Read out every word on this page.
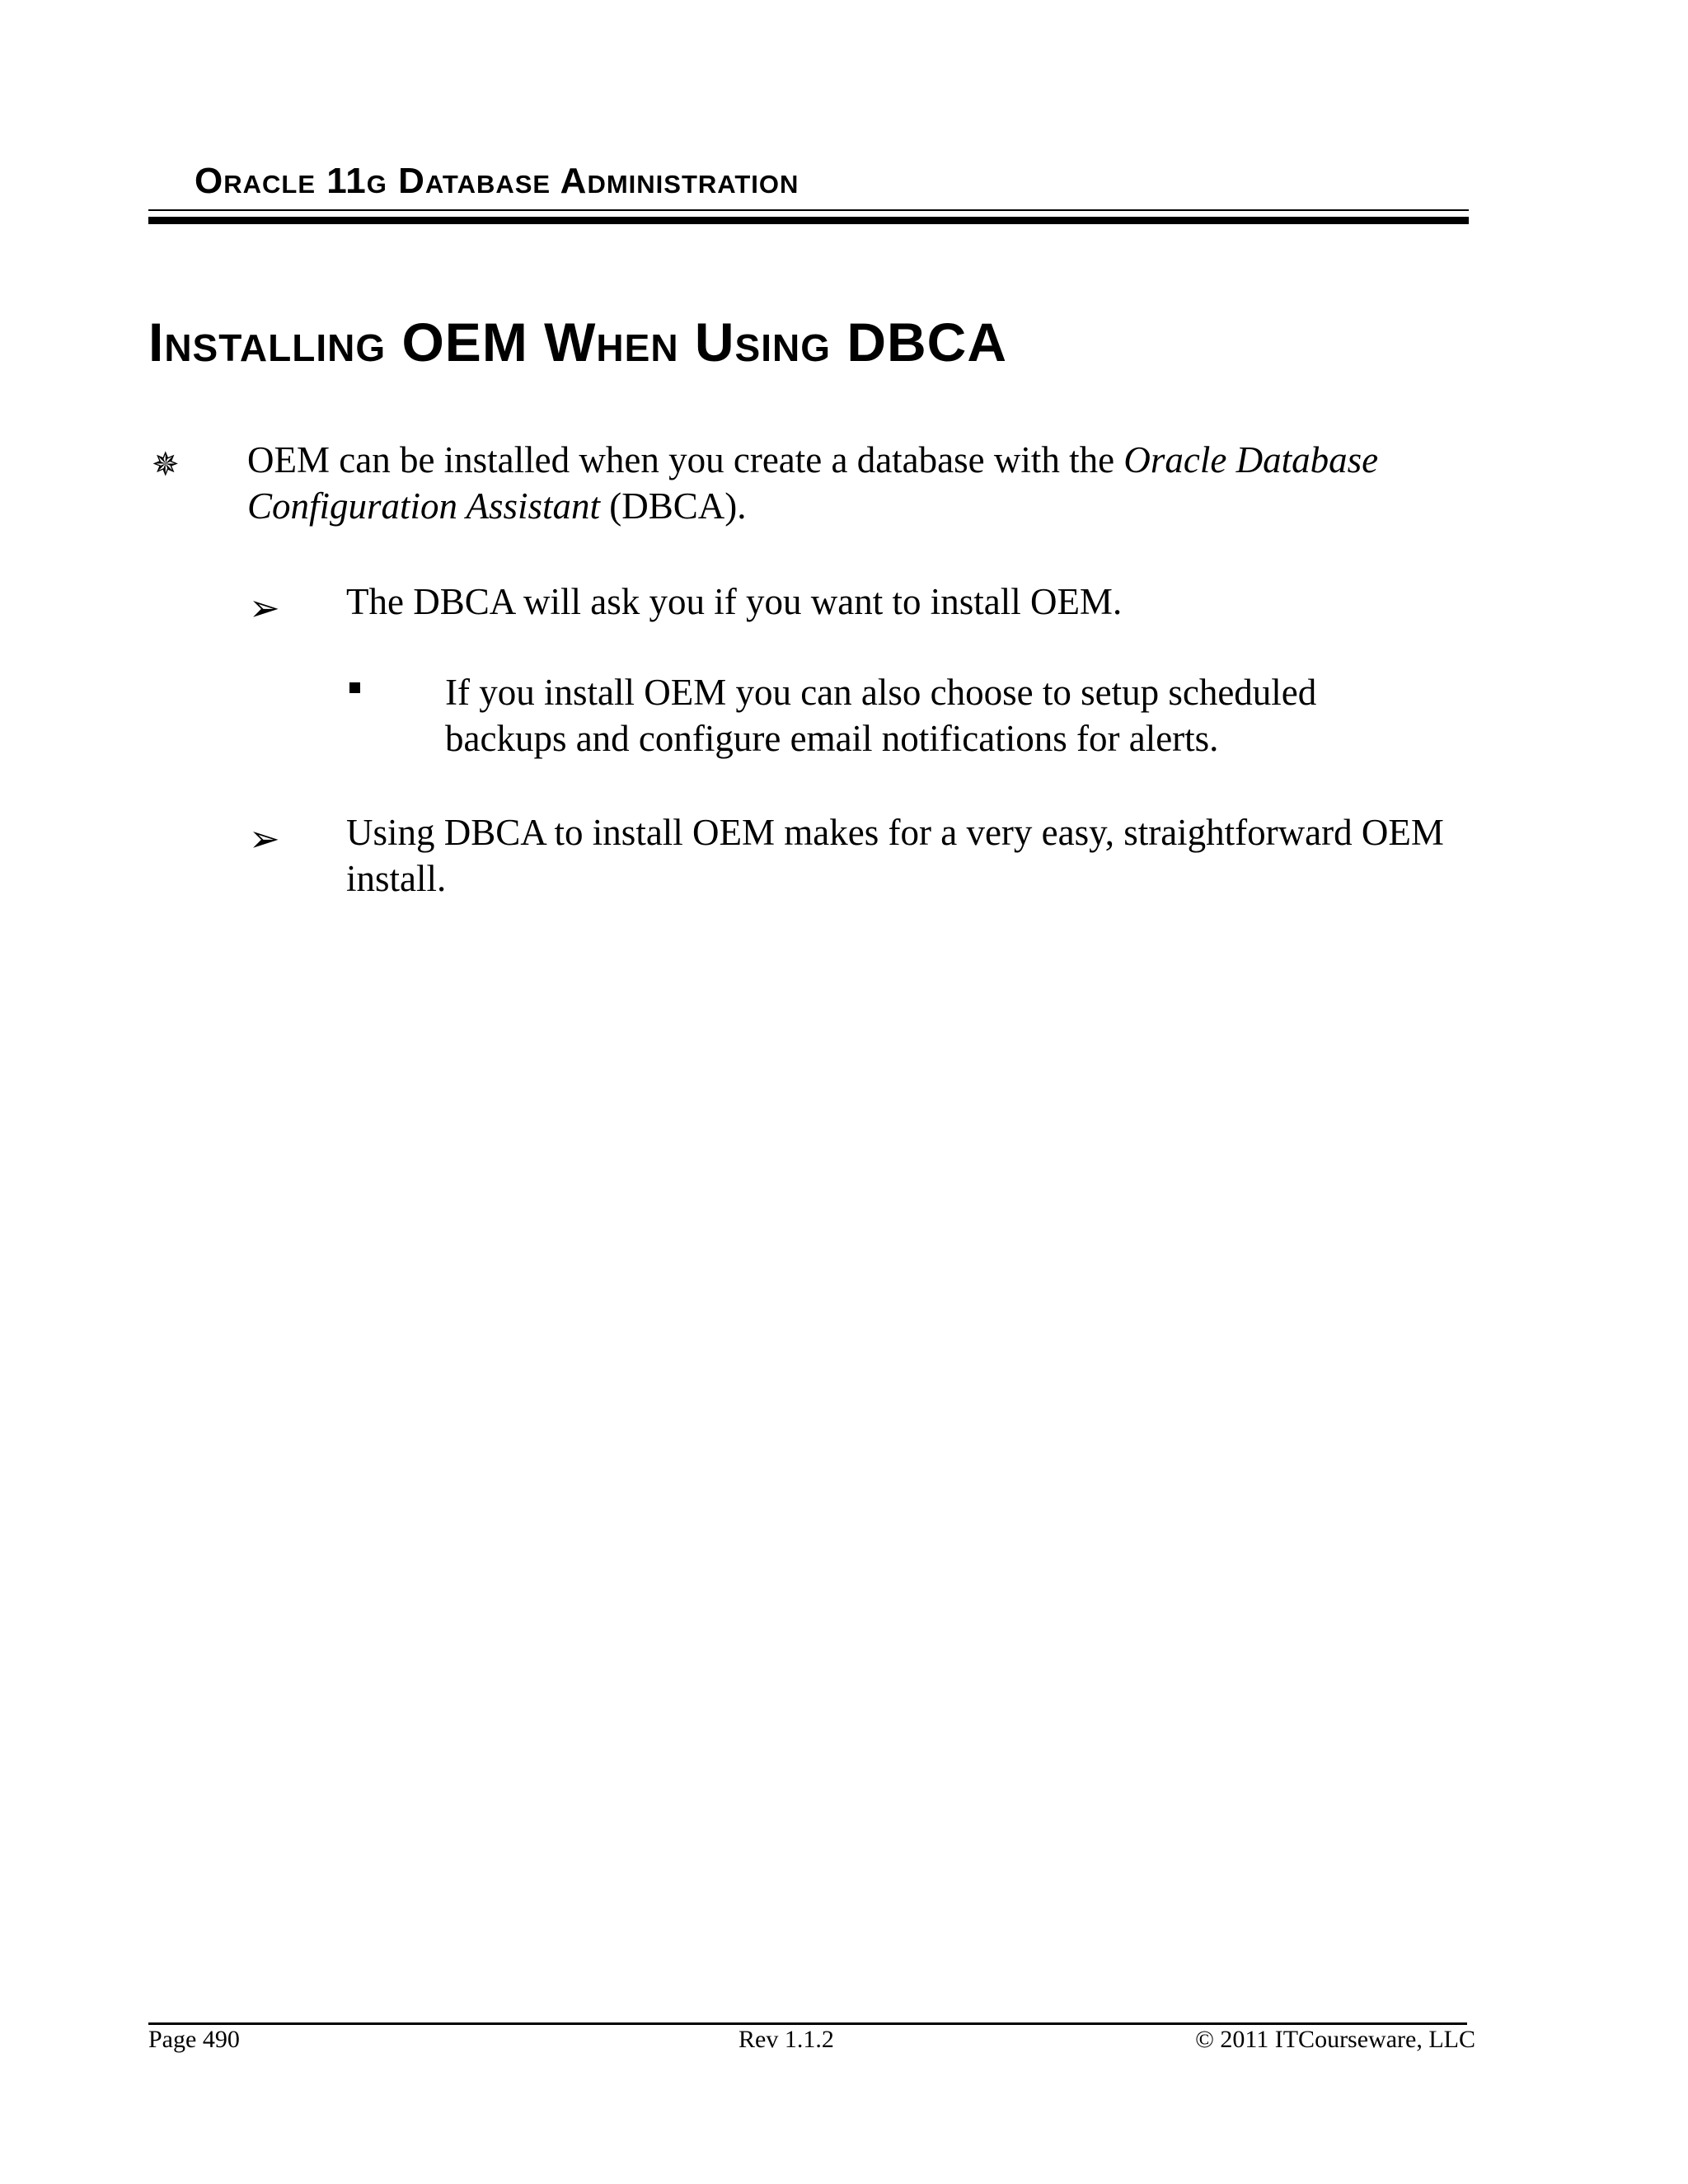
Oracle 11g Database Administration
Installing OEM When Using DBCA
✵ OEM can be installed when you create a database with the Oracle Database Configuration Assistant (DBCA).
➢ The DBCA will ask you if you want to install OEM.
If you install OEM you can also choose to setup scheduled backups and configure email notifications for alerts.
➢ Using DBCA to install OEM makes for a very easy, straightforward OEM install.
Page 490	Rev 1.1.2	© 2011 ITCourseware, LLC
